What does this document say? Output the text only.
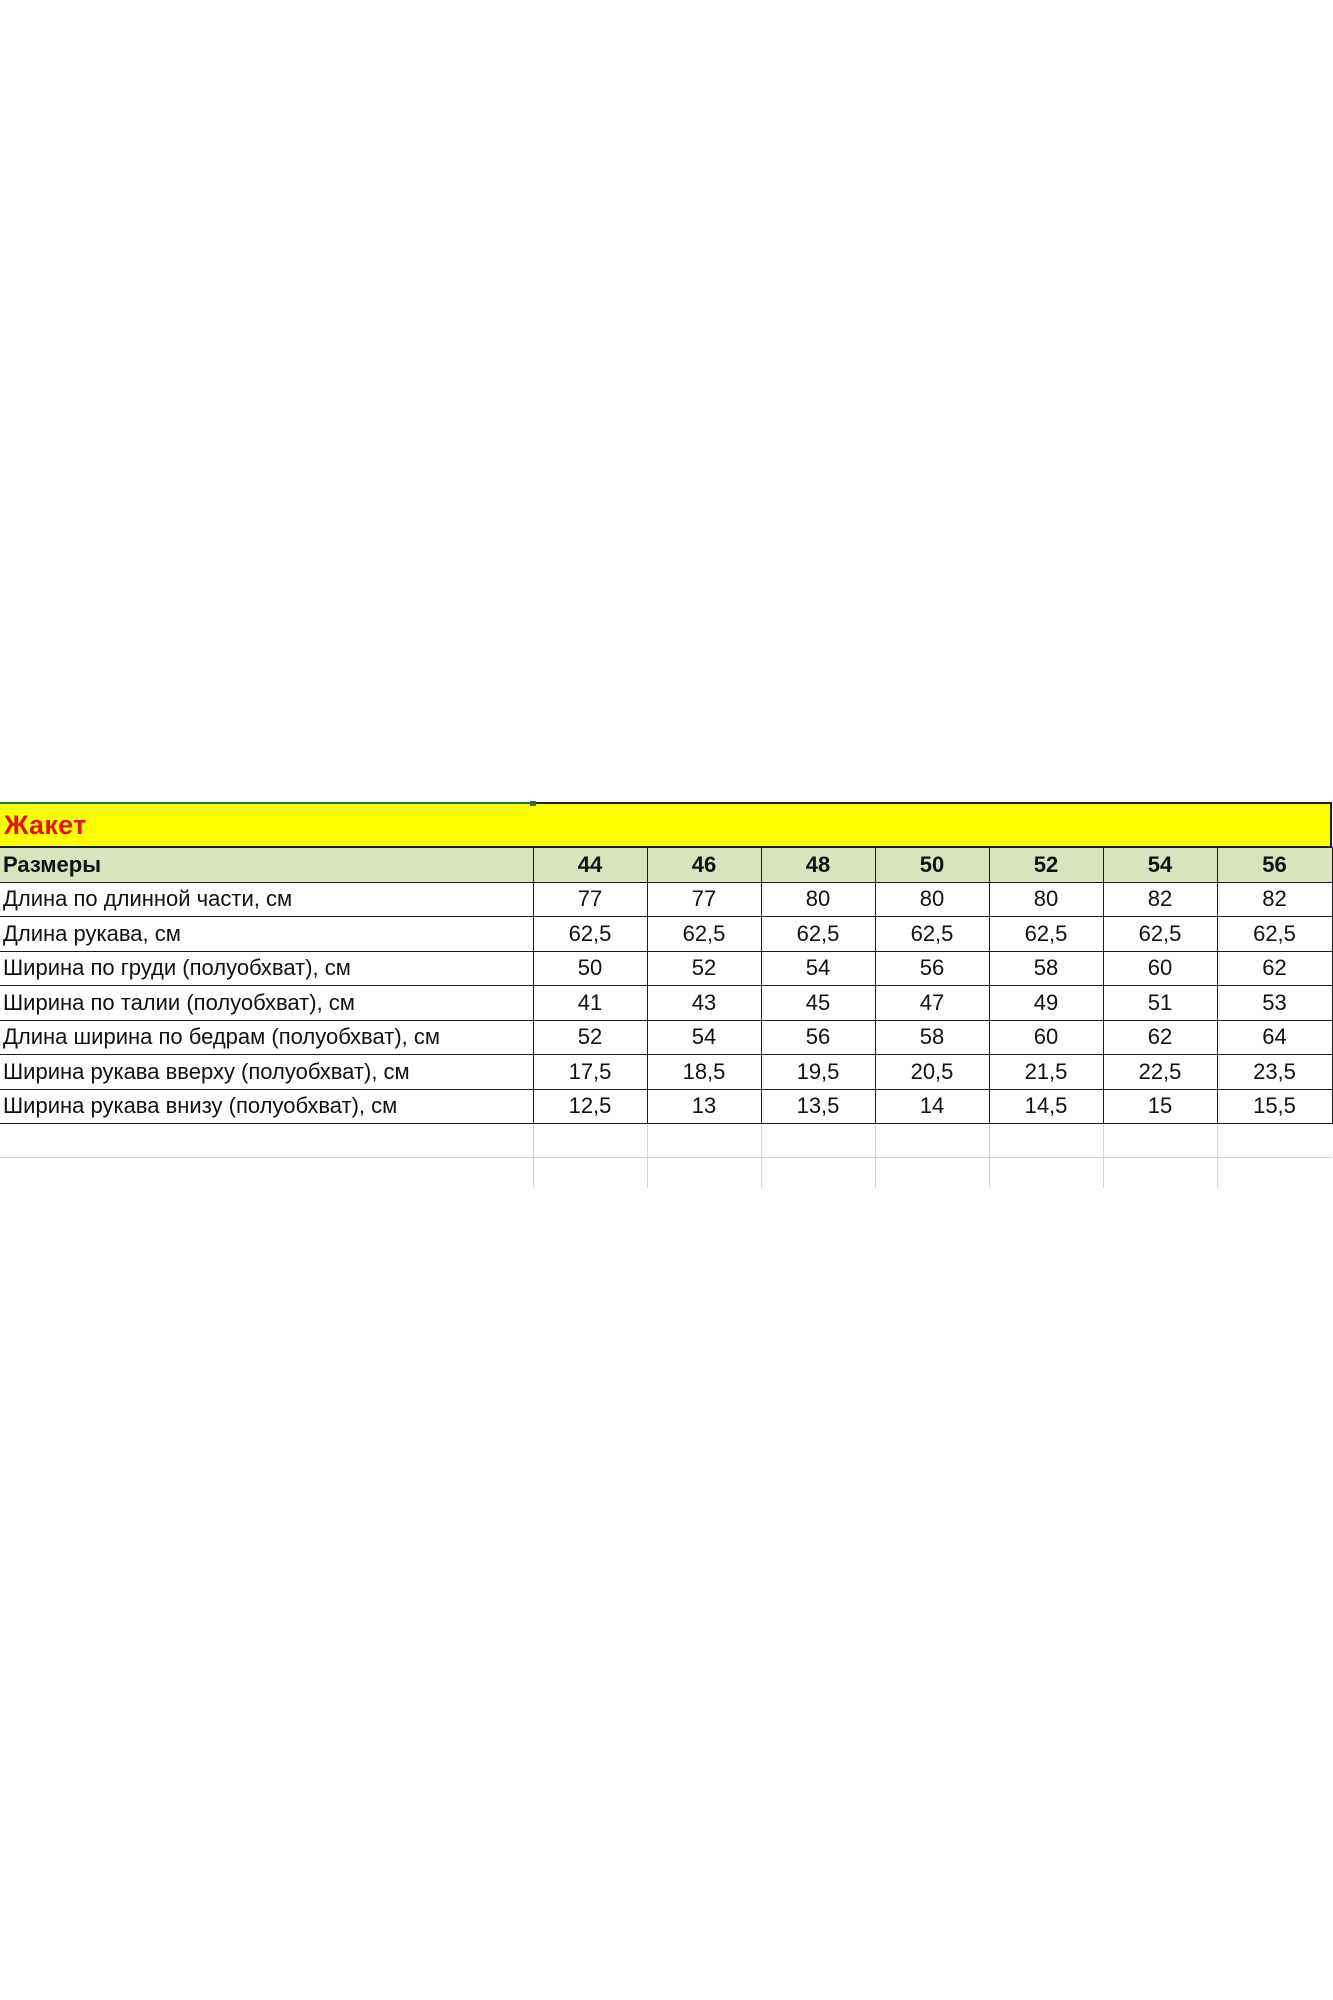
Жакет
Размеры	44	46	48	50	52	54	56
Длина по длинной части, см	77	77	80	80	80	82	82
Длина рукава, см	62,5	62,5	62,5	62,5	62,5	62,5	62,5
Ширина по груди (полуобхват), см	50	52	54	56	58	60	62
Ширина по талии (полуобхват), см	41	43	45	47	49	51	53
Длина ширина по бедрам (полуобхват), см	52	54	56	58	60	62	64
Ширина рукава вверху (полуобхват), см	17,5	18,5	19,5	20,5	21,5	22,5	23,5
Ширина рукава внизу (полуобхват), см	12,5	13	13,5	14	14,5	15	15,5
